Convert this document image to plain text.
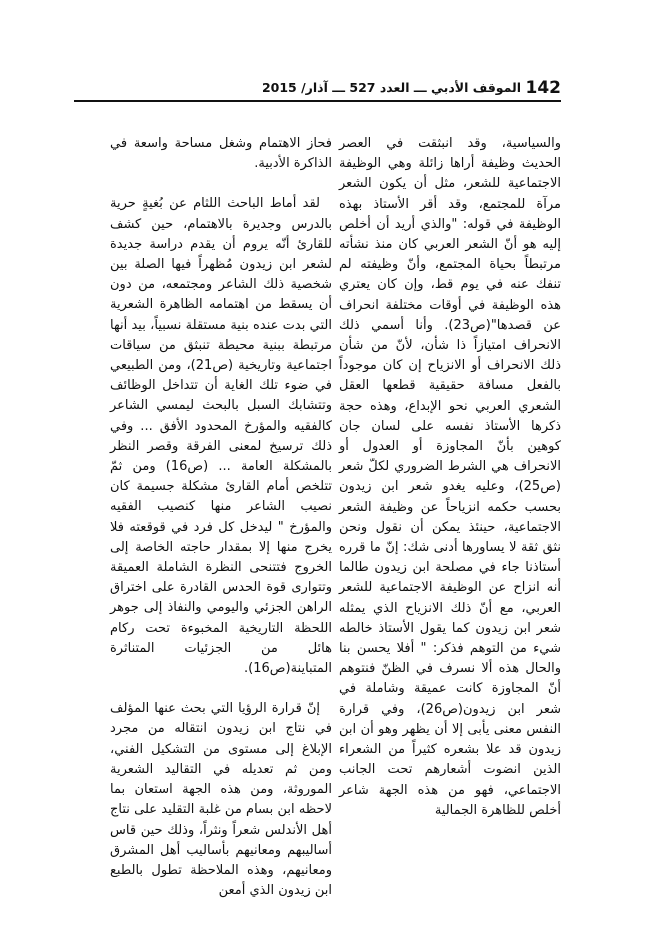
الموقف الأدبي ـــ العدد 527 ـــ آذار/ 2015 142

والسياسية، وقد انبثقت في العصر الحديث وظيفة أراها زائلة وهي الوظيفة الاجتماعية للشعر، مثل أن يكون الشعر مرآة للمجتمع، وقد أقر الأستاذ بهذه الوظيفة في قوله: "والذي أريد أن أخلص إليه هو أنّ الشعر العربي كان منذ نشأته مرتبطاً بحياة المجتمع، وأنّ وظيفته لم تنفك عنه في يوم قط، وإن كان يعتري هذه الوظيفة في أوقات مختلفة انحراف عن قصدها"(ص23). وأنا أسمي ذلك الانحراف امتيازاً ذا شأن، لأنّ من شأن ذلك الانحراف أو الانزياح إن كان موجوداً بالفعل مسافة حقيقية قطعها العقل الشعري العربي نحو الإبداع، وهذه حجة ذكرها الأستاذ نفسه على لسان جان كوهين بأنّ المجاوزة أو العدول أو الانحراف هي الشرط الضروري لكلّ شعر (ص25)، وعليه يغدو شعر ابن زيدون بحسب حكمه انزياحاً عن وظيفة الشعر الاجتماعية، حينئذ يمكن أن نقول ونحن نثق ثقة لا يساورها أدنى شك: إنّ ما قرره أستاذنا جاء في مصلحة ابن زيدون طالما أنه انزاح عن الوظيفة الاجتماعية للشعر العربي، مع أنّ ذلك الانزياح الذي يمثله شعر ابن زيدون كما يقول الأستاذ خالطه شيء من التوهم فذكر: " أفلا يحسن بنا والحال هذه ألا نسرف في الظنّ فنتوهم أنّ المجاوزة كانت عميقة وشاملة في شعر ابن زيدون(ص26)، وفي قرارة النفس معنى يأبى إلا أن يظهر وهو أن ابن زيدون قد علا بشعره كثيراً من الشعراء الذين انضوت أشعارهم تحت الجانب الاجتماعي، فهو من هذه الجهة شاعر أخلص للظاهرة الجمالية

فحاز الاهتمام وشغل مساحة واسعة في الذاكرة الأدبية.

لقد أماط الباحث اللثام عن بُغيةٍ حرية بالدرس وجديرة بالاهتمام، حين كشف للقارئ أنّه يروم أن يقدم دراسة جديدة لشعر ابن زيدون مُظهراً فيها الصلة بين شخصية ذلك الشاعر ومجتمعه، من دون أن يسقط من اهتمامه الظاهرة الشعرية التي بدت عنده بنية مستقلة نسبياً، بيد أنها مرتبطة ببنية محيطة تنبثق من سياقات اجتماعية وتاريخية (ص21)، ومن الطبيعي في ضوء تلك الغاية أن تتداخل الوظائف وتتشابك السبل بالبحث ليمسي الشاعر كالفقيه والمؤرخ المحدود الأفق ... وفي ذلك ترسيخ لمعنى الفرقة وقصر النظر بالمشكلة العامة ... (ص16) ومن ثمّ تتلخص أمام القارئ مشكلة جسيمة كان نصيب الشاعر منها كنصيب الفقيه والمؤرخ " ليدخل كل فرد في قوقعته فلا يخرج منها إلا بمقدار حاجته الخاصة إلى الخروج فتتنحى النظرة الشاملة العميقة وتتوارى قوة الحدس القادرة على اختراق الراهن الجزئي واليومي والنفاذ إلى جوهر اللحظة التاريخية المخبوءة تحت ركام هائل من الجزئيات المتناثرة المتباينة(ص16).

إنّ قرارة الرؤيا التي بحث عنها المؤلف في نتاج ابن زيدون انتقاله من مجرد الإبلاغ إلى مستوى من التشكيل الفني، ومن ثم تعديله في التقاليد الشعرية الموروثة، ومن هذه الجهة استعان بما لاحظه ابن بسام من غلبة التقليد على نتاج أهل الأندلس شعراً ونثراً، وذلك حين قاس أساليبهم ومعانيهم بأساليب أهل المشرق ومعانيهم، وهذه الملاحظة تطول بالطبع ابن زيدون الذي أمعن
